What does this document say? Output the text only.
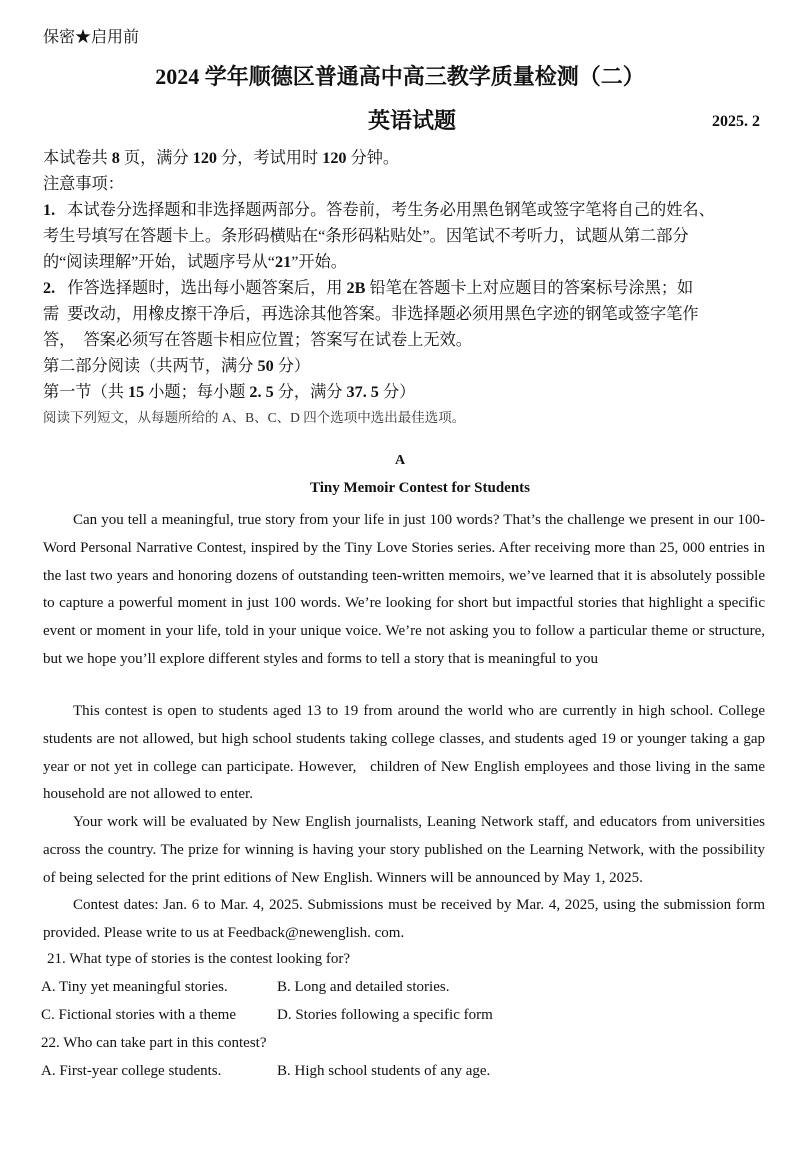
保密★启用前
2024 学年顺德区普通高中高三教学质量检测（二）
英语试题	2025. 2
本试卷共 8 页，满分 120 分，考试用时 120 分钟。
注意事项：
1. 本试卷分选择题和非选择题两部分。答卷前，考生务必用黑色钢笔或签字笔将自己的姓名、
考生号填写在答题卡上。条形码横贴在“条形码粘贴处”。因笔试不考听力，试题从第二部分
的“阅读理解”开始，试题序号从“21”开始。
2. 作答选择题时，选出每小题答案后，用 2B 铅笔在答题卡上对应题目的答案标号涂黑；如
需  要改动，用橡皮擦干净后，再选涂其他答案。非选择题必须用黑色字迹的钢笔或签字笔作
答，  答案必须写在答题卡相应位置；答案写在试卷上无效。
第二部分阅读（共两节，满分 50 分）
第一节（共 15 小题；每小题 2. 5 分，满分 37. 5 分）
阅读下列短文，从每题所给的 A、B、C、D 四个选项中选出最佳选项。
A
Tiny Memoir Contest for Students

Can you tell a meaningful, true story from your life in just 100 words? That’s the challenge we present in our 100-Word Personal Narrative Contest, inspired by the Tiny Love Stories series. After receiving more than 25, 000 entries in the last two years and honoring dozens of outstanding teen-written memoirs, we’ve learned that it is absolutely possible to capture a powerful moment in just 100 words. We’re looking for short but impactful stories that highlight a specific event or moment in your life, told in your unique voice. We’re not asking you to follow a particular theme or structure, but we hope you’ll explore different styles and forms to tell a story that is meaningful to you

This contest is open to students aged 13 to 19 from around the world who are currently in high school. College students are not allowed, but high school students taking college classes, and students aged 19 or younger taking a gap year or not yet in college can participate. However,   children of New English employees and those living in the same household are not allowed to enter.

Your work will be evaluated by New English journalists, Leaning Network staff, and educators from universities across the country. The prize for winning is having your story published on the Learning Network, with the possibility of being selected for the print editions of New English. Winners will be announced by May 1, 2025.

Contest dates: Jan. 6 to Mar. 4, 2025. Submissions must be received by Mar. 4, 2025, using the submission form provided. Please write to us at Feedback@newenglish. com.

21. What type of stories is the contest looking for?
A. Tiny yet meaningful stories.	B. Long and detailed stories.
C. Fictional stories with a theme	D. Stories following a specific form
22. Who can take part in this contest?
A. First-year college students.	B. High school students of any age.
